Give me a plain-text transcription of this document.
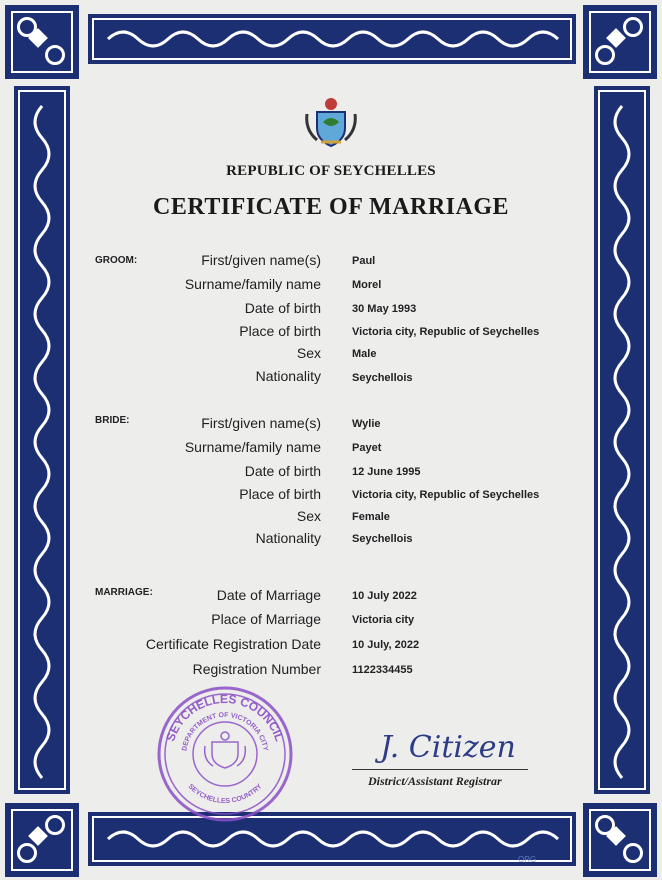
REPUBLIC OF SEYCHELLES
CERTIFICATE OF MARRIAGE
GROOM:	First/given name(s)	Paul
Surname/family name	Morel
Date of birth	30 May 1993
Place of birth	Victoria city, Republic of Seychelles
Sex	Male
Nationality	Seychellois
BRIDE:	First/given name(s)	Wylie
Surname/family name	Payet
Date of birth	12 June 1995
Place of birth	Victoria city, Republic of Seychelles
Sex	Female
Nationality	Seychellois
MARRIAGE:	Date of Marriage	10 July 2022
Place of Marriage	Victoria city
Certificate Registration Date	10 July, 2022
Registration Number	1122334455
SEYCHELLES COUNCIL
DEPARTMENT OF VICTORIA CITY
SEYCHELLES COUNTRY
J. Citizen
District/Assistant Registrar
ORG
